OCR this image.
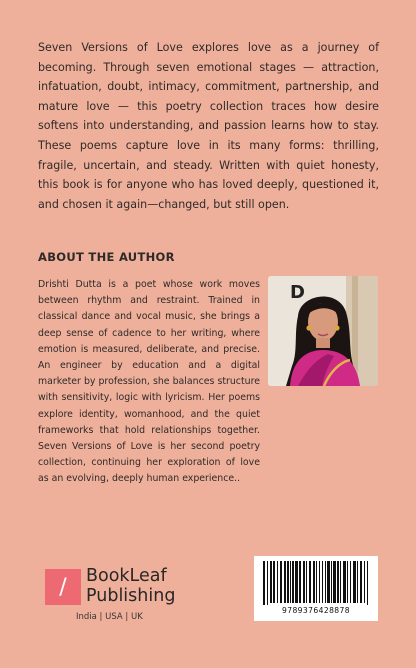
Seven Versions of Love explores love as a journey of becoming. Through seven emotional stages — attraction, infatuation, doubt, intimacy, commitment, partnership, and mature love — this poetry collection traces how desire softens into understanding, and passion learns how to stay. These poems capture love in its many forms: thrilling, fragile, uncertain, and steady. Written with quiet honesty, this book is for anyone who has loved deeply, questioned it, and chosen it again—changed, but still open.

ABOUT THE AUTHOR

Drishti Dutta is a poet whose work moves between rhythm and restraint. Trained in classical dance and vocal music, she brings a deep sense of cadence to her writing, where emotion is measured, deliberate, and precise. An engineer by education and a digital marketer by profession, she balances structure with sensitivity, logic with lyricism. Her poems explore identity, womanhood, and the quiet frameworks that hold relationships together. Seven Versions of Love is her second poetry collection, continuing her exploration of love as an evolving, deeply human experience..

D
/	BookLeaf
Publishing
India | USA | UK
9789376428878
